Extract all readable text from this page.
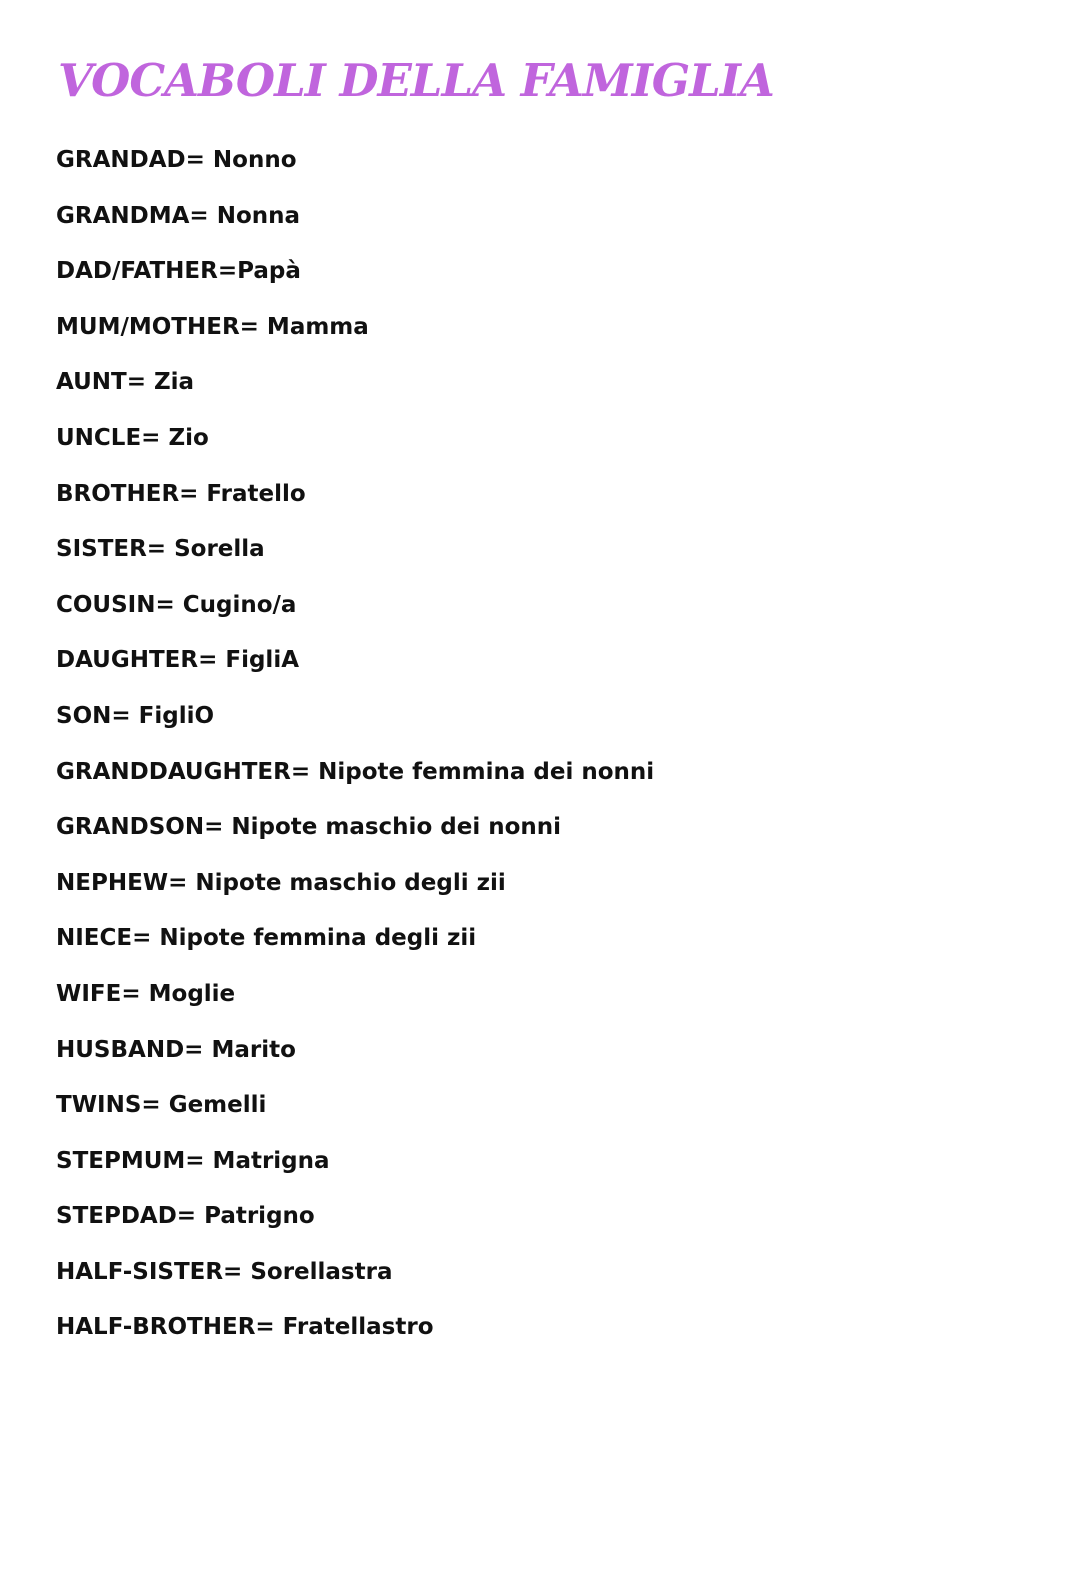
VOCABOLI DELLA FAMIGLIA
GRANDAD= Nonno
GRANDMA= Nonna
DAD/FATHER=Papà
MUM/MOTHER= Mamma
AUNT= Zia
UNCLE= Zio
BROTHER= Fratello
SISTER= Sorella
COUSIN= Cugino/a
DAUGHTER= FigliA
SON= FigliO
GRANDDAUGHTER= Nipote femmina dei nonni
GRANDSON= Nipote maschio dei nonni
NEPHEW= Nipote maschio degli zii
NIECE= Nipote femmina degli zii
WIFE= Moglie
HUSBAND= Marito
TWINS= Gemelli
STEPMUM= Matrigna
STEPDAD= Patrigno
HALF-SISTER= Sorellastra
HALF-BROTHER= Fratellastro
